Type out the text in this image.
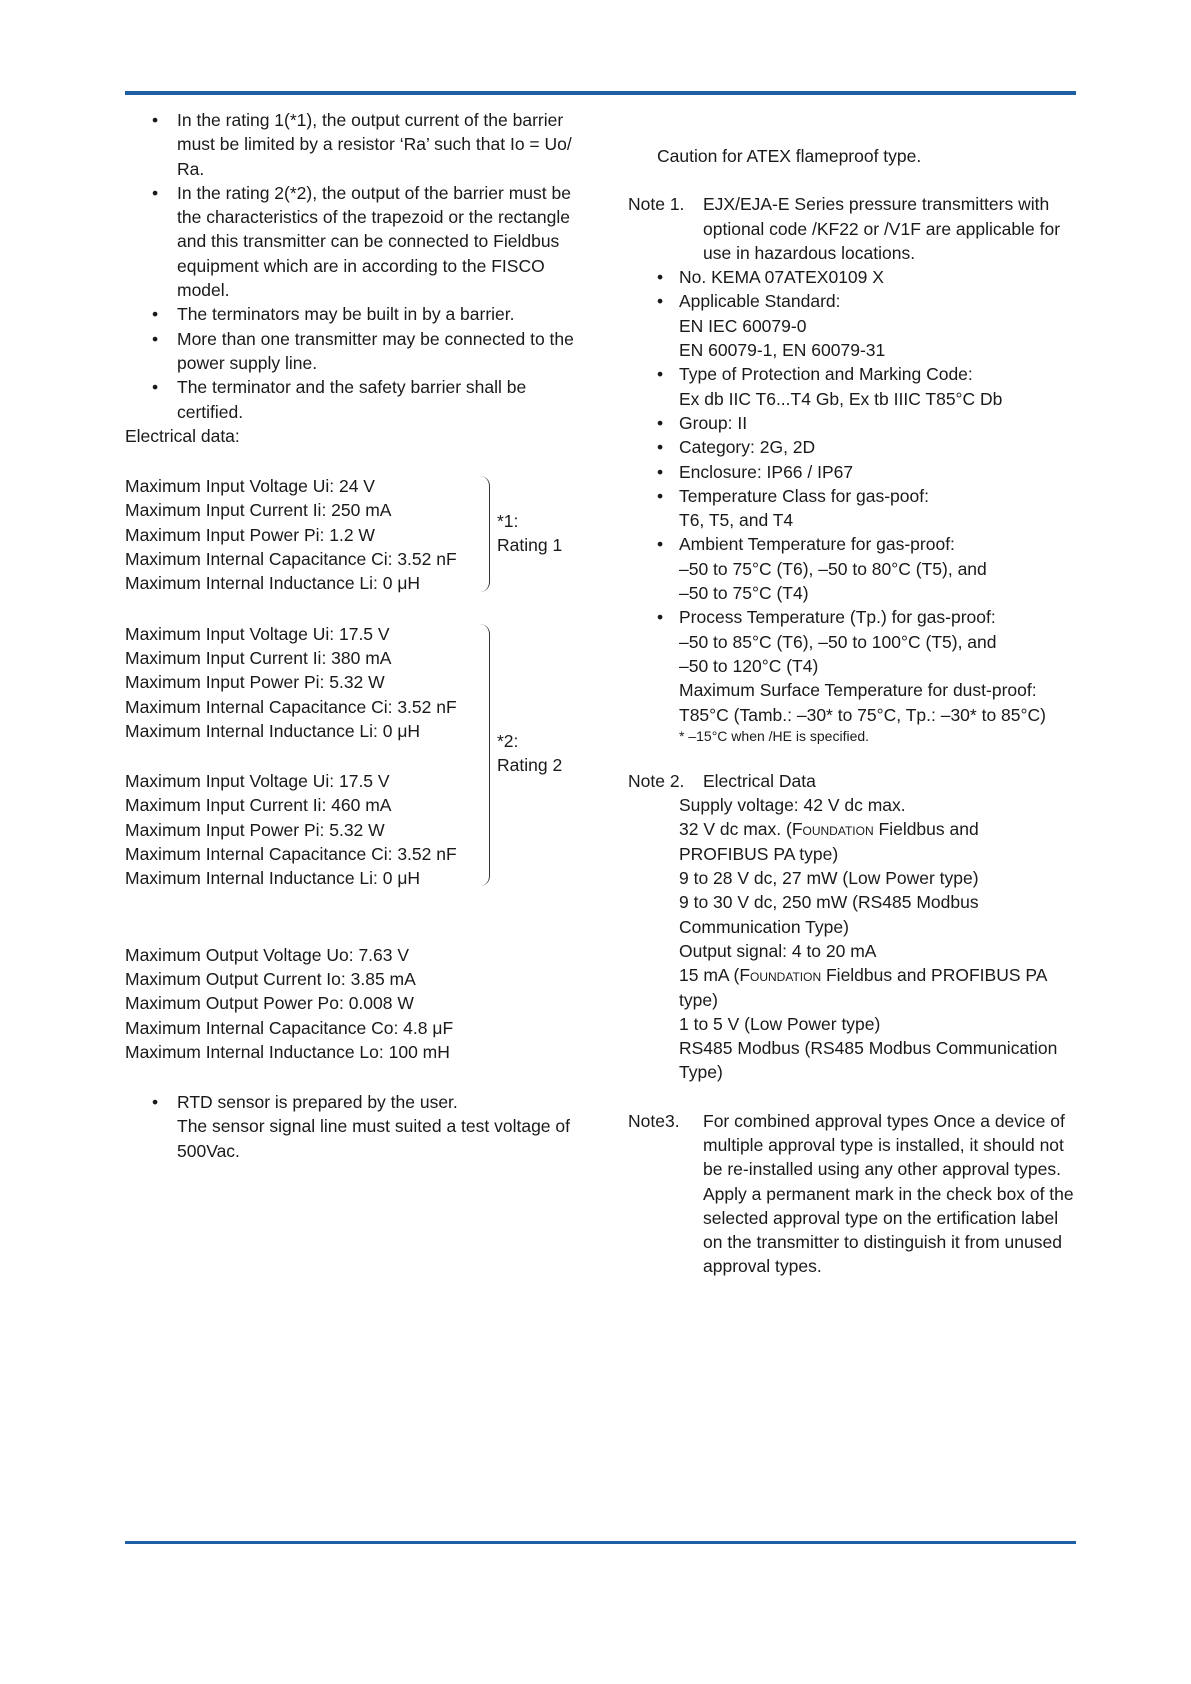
• In the rating 1(*1), the output current of the barrier must be limited by a resistor ‘Ra’ such that Io = Uo/ Ra.
• In the rating 2(*2), the output of the barrier must be the characteristics of the trapezoid or the rectangle and this transmitter can be connected to Fieldbus equipment which are in according to the FISCO model.
• The terminators may be built in by a barrier.
• More than one transmitter may be connected to the power supply line.
• The terminator and the safety barrier shall be certified.
Electrical data:
Maximum Input Voltage Ui: 24 V
Maximum Input Current Ii: 250 mA
Maximum Input Power Pi: 1.2 W
Maximum Internal Capacitance Ci: 3.52 nF
Maximum Internal Inductance Li: 0 μH
*1:
Rating 1
Maximum Input Voltage Ui: 17.5 V
Maximum Input Current Ii: 380 mA
Maximum Input Power Pi: 5.32 W
Maximum Internal Capacitance Ci: 3.52 nF
Maximum Internal Inductance Li: 0 μH
Maximum Input Voltage Ui: 17.5 V
Maximum Input Current Ii: 460 mA
Maximum Input Power Pi: 5.32 W
Maximum Internal Capacitance Ci: 3.52 nF
Maximum Internal Inductance Li: 0 μH
*2:
Rating 2
Maximum Output Voltage Uo: 7.63 V
Maximum Output Current Io: 3.85 mA
Maximum Output Power Po: 0.008 W
Maximum Internal Capacitance Co: 4.8 μF
Maximum Internal Inductance Lo: 100 mH
• RTD sensor is prepared by the user.
The sensor signal line must suited a test voltage of 500Vac.
Caution for ATEX flameproof type.
Note 1. EJX/EJA-E Series pressure transmitters with optional code /KF22 or /V1F are applicable for use in hazardous locations.
• No. KEMA 07ATEX0109 X
• Applicable Standard:
EN IEC 60079-0
EN 60079-1, EN 60079-31
• Type of Protection and Marking Code:
Ex db IIC T6...T4 Gb, Ex tb IIIC T85°C Db
• Group: II
• Category: 2G, 2D
• Enclosure: IP66 / IP67
• Temperature Class for gas-poof:
T6, T5, and T4
• Ambient Temperature for gas-proof:
–50 to 75°C (T6), –50 to 80°C (T5), and
–50 to 75°C (T4)
• Process Temperature (Tp.) for gas-proof:
–50 to 85°C (T6), –50 to 100°C (T5), and
–50 to 120°C (T4)
Maximum Surface Temperature for dust-proof:
T85°C (Tamb.: –30* to 75°C, Tp.: –30* to 85°C)
* –15°C when /HE is specified.
Note 2. Electrical Data
Supply voltage: 42 V dc max.
32 V dc max. (Foundation Fieldbus and
PROFIBUS PA type)
9 to 28 V dc, 27 mW (Low Power type)
9 to 30 V dc, 250 mW (RS485 Modbus
Communication Type)
Output signal: 4 to 20 mA
15 mA (Foundation Fieldbus and PROFIBUS PA
type)
1 to 5 V (Low Power type)
RS485 Modbus (RS485 Modbus Communication
Type)
Note3. For combined approval types Once a device of multiple approval type is installed, it should not be re-installed using any other approval types. Apply a permanent mark in the check box of the selected approval type on the ertification label on the transmitter to distinguish it from unused approval types.
